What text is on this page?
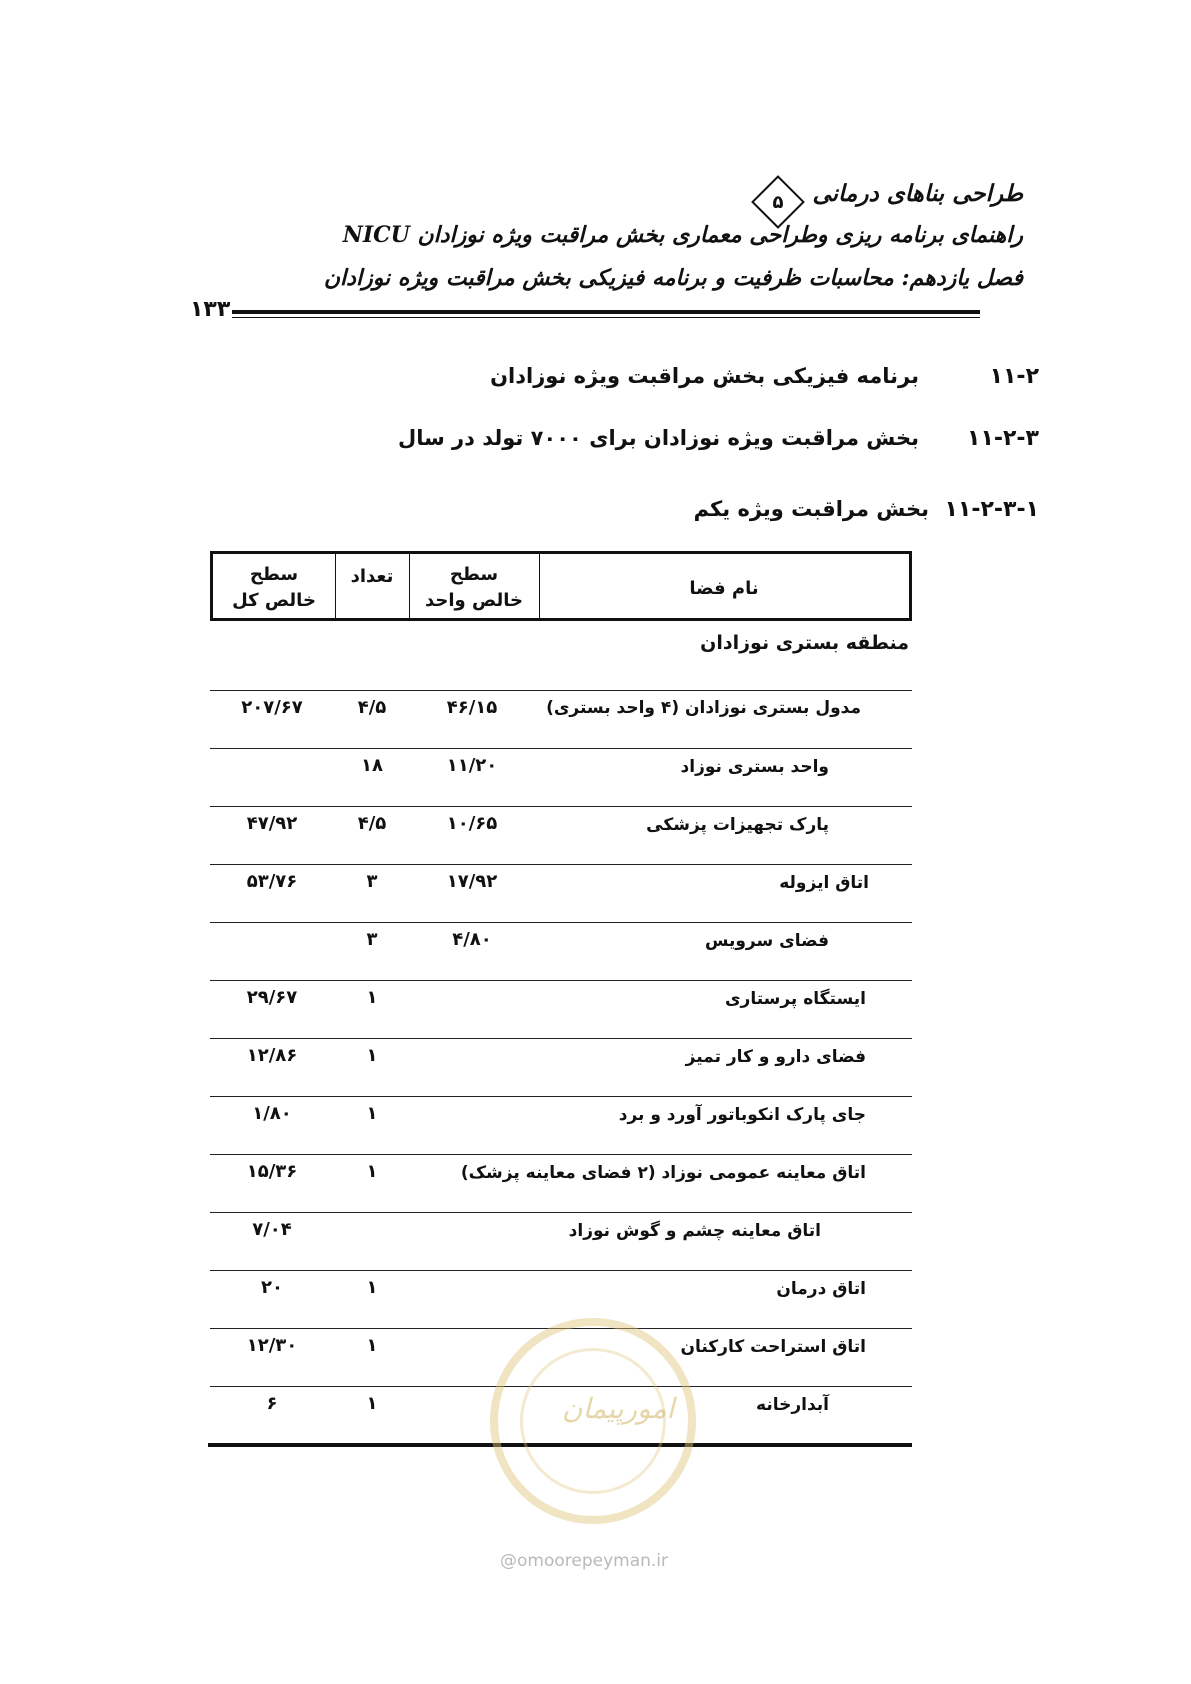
طراحی بناهای درمانی
۵
راهنمای برنامه ریزی وطراحی معماری بخش مراقبت ویژه نوزادان NICU
فصل یازدهم: محاسبات ظرفیت و برنامه فیزیکی بخش مراقبت ویژه نوزادان
۱۳۳
۱۱-۲
برنامه فیزیکی بخش مراقبت ویژه نوزادان
۱۱-۲-۳
بخش مراقبت ویژه نوزادان برای ۷۰۰۰ تولد در سال
۱۱-۲-۳-۱
بخش مراقبت ویژه یکم
سطح
خالص کل
تعداد	سطح
خالص واحد
نام فضا
منطقه بستری نوزادان
مدول بستری نوزادان (۴ واحد بستری)
۴۶/۱۵
۴/۵
۲۰۷/۶۷
واحد بستری نوزاد
۱۱/۲۰
۱۸
پارک تجهیزات پزشکی
۱۰/۶۵
۴/۵
۴۷/۹۲
اتاق ایزوله
۱۷/۹۲
۳
۵۳/۷۶
فضای سرویس
۴/۸۰
۳
ایستگاه پرستاری
۱
۲۹/۶۷
فضای دارو و کار تمیز
۱
۱۲/۸۶
جای پارک انکوباتور آورد و برد
۱
۱/۸۰
اتاق معاینه عمومی نوزاد (۲ فضای معاینه پزشک)
۱
۱۵/۳۶
اتاق معاینه چشم و گوش نوزاد
۷/۰۴
اتاق درمان
۱
۲۰
اتاق استراحت کارکنان
۱
۱۲/۳۰
آبدارخانه
۱
۶	امورپیمان
@omoorepeyman.ir
